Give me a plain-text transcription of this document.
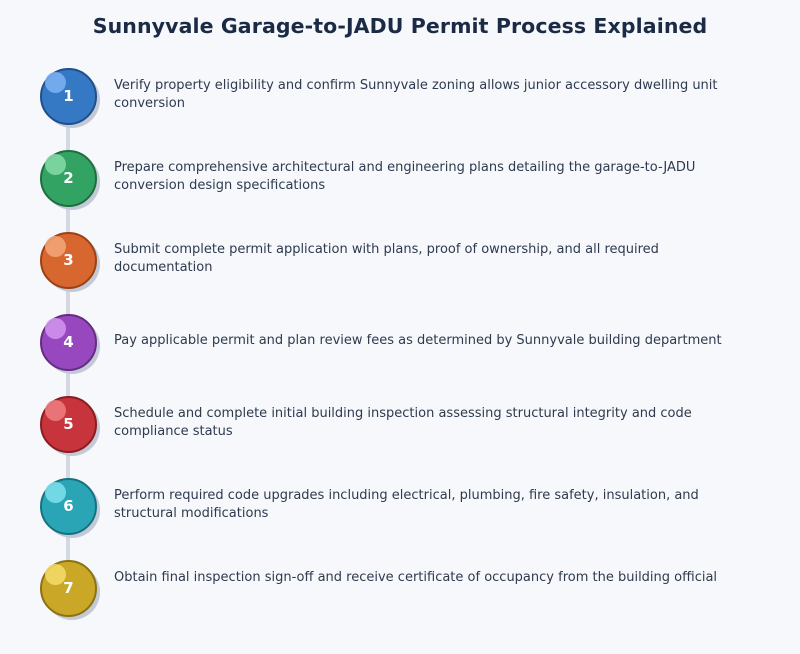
Sunnyvale Garage-to-JADU Permit Process Explained
1
Verify property eligibility and confirm Sunnyvale zoning allows junior accessory dwelling unit conversion
2
Prepare comprehensive architectural and engineering plans detailing the garage-to-JADU conversion design specifications
3
Submit complete permit application with plans, proof of ownership, and all required documentation
4	Pay applicable permit and plan review fees as determined by Sunnyvale building department
5
Schedule and complete initial building inspection assessing structural integrity and code compliance status
6
Perform required code upgrades including electrical, plumbing, fire safety, insulation, and structural modifications
7
Obtain final inspection sign-off and receive certificate of occupancy from the building official
